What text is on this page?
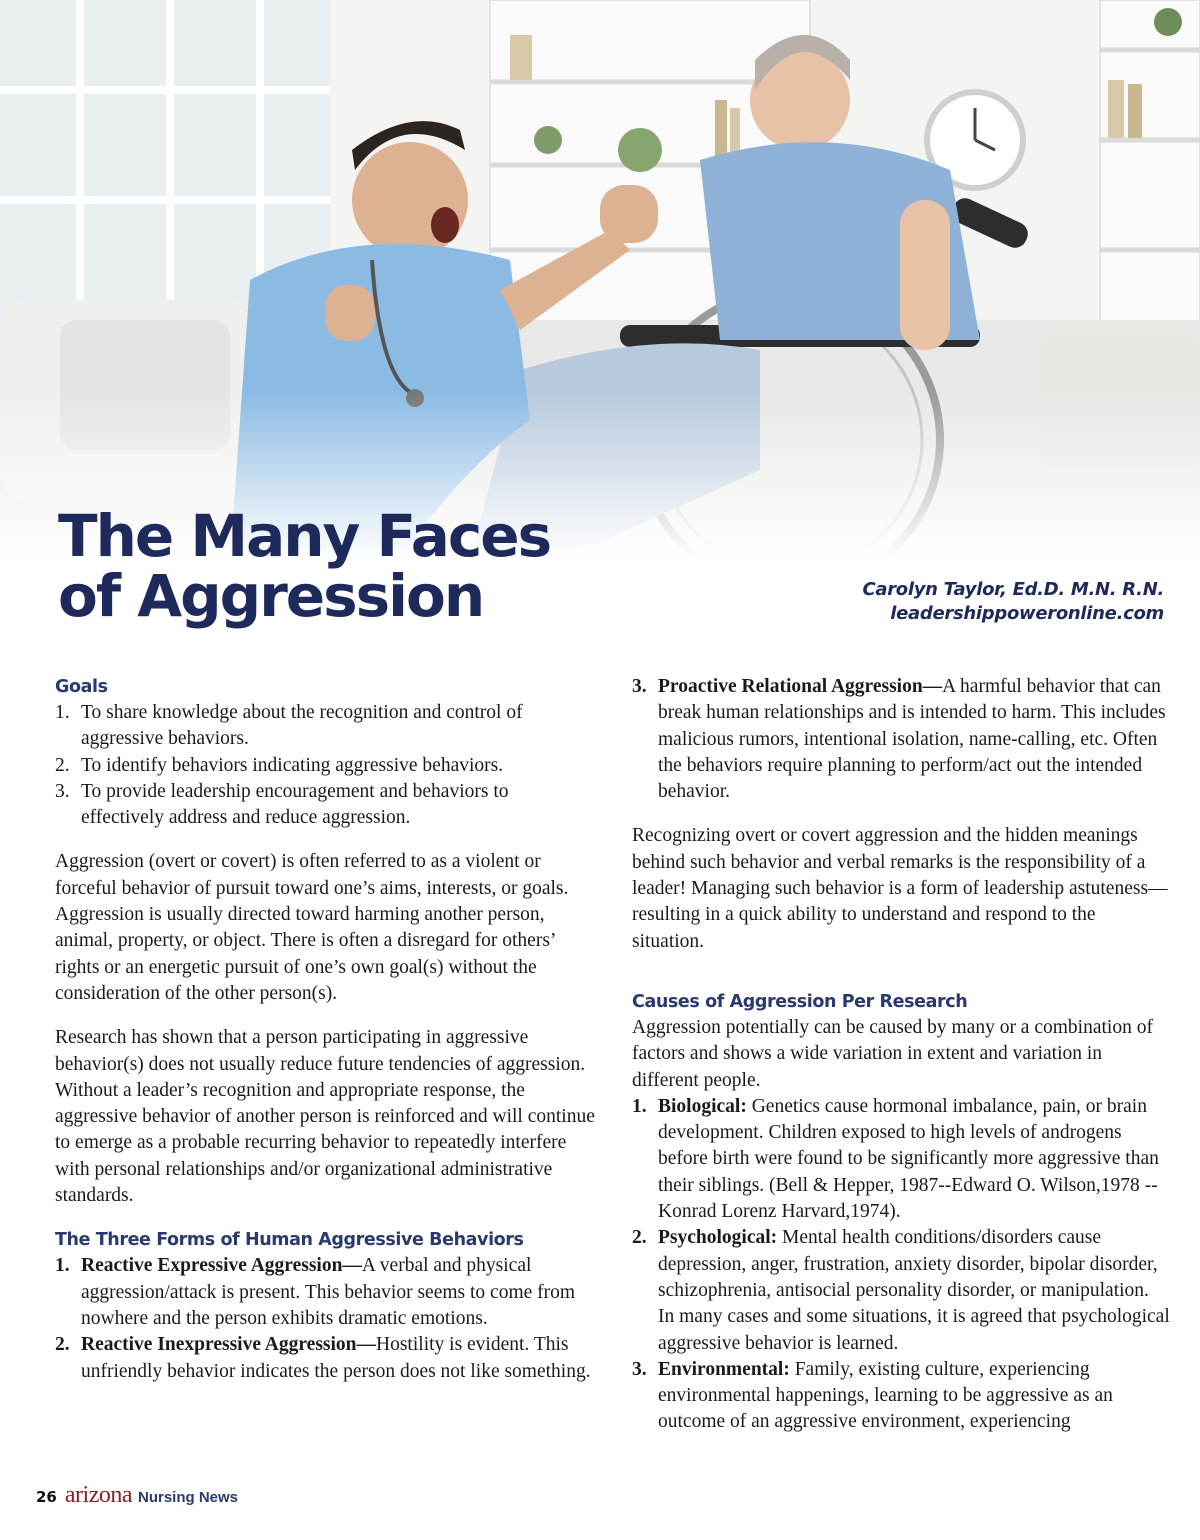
The Many Faces
of Aggression	Carolyn Taylor, Ed.D. M.N. R.N.
leadershippoweronline.com
Goals
1. To share knowledge about the recognition and control of aggressive behaviors.
2. To identify behaviors indicating aggressive behaviors.
3. To provide leadership encouragement and behaviors to effectively address and reduce aggression.

Aggression (overt or covert) is often referred to as a violent or forceful behavior of pursuit toward one’s aims, interests, or goals. Aggression is usually directed toward harming another person, animal, property, or object. There is often a disregard for others’ rights or an energetic pursuit of one’s own goal(s) without the consideration of the other person(s).

Research has shown that a person participating in aggressive behavior(s) does not usually reduce future tendencies of aggression. Without a leader’s recognition and appropriate response, the aggressive behavior of another person is reinforced and will continue to emerge as a probable recurring behavior to repeatedly interfere with personal relationships and/or organizational administrative standards.

The Three Forms of Human Aggressive Behaviors
1. Reactive Expressive Aggression—A verbal and physical aggression/attack is present. This behavior seems to come from nowhere and the person exhibits dramatic emotions.
2. Reactive Inexpressive Aggression—Hostility is evident. This unfriendly behavior indicates the person does not like something.
3. Proactive Relational Aggression—A harmful behavior that can break human relationships and is intended to harm. This includes malicious rumors, intentional isolation, name-calling, etc. Often the behaviors require planning to perform/act out the intended behavior.

Recognizing overt or covert aggression and the hidden meanings behind such behavior and verbal remarks is the responsibility of a leader! Managing such behavior is a form of leadership astuteness—resulting in a quick ability to understand and respond to the situation.

Causes of Aggression Per Research

Aggression potentially can be caused by many or a combination of factors and shows a wide variation in extent and variation in different people.

1. Biological: Genetics cause hormonal imbalance, pain, or brain development. Children exposed to high levels of androgens before birth were found to be significantly more aggressive than their siblings. (Bell & Hepper, 1987--Edward O. Wilson,1978 --Konrad Lorenz Harvard,1974).
2. Psychological: Mental health conditions/disorders cause depression, anger, frustration, anxiety disorder, bipolar disorder, schizophrenia, antisocial personality disorder, or manipulation. In many cases and some situations, it is agreed that psychological aggressive behavior is learned.
3. Environmental: Family, existing culture, experiencing environmental happenings, learning to be aggressive as an outcome of an aggressive environment, experiencing
26 arizona Nursing News
